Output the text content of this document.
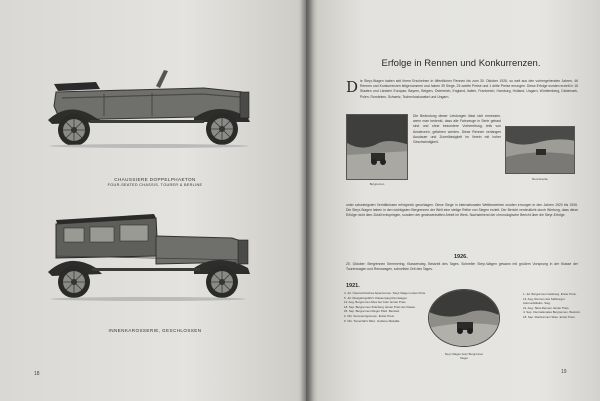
CHAUSSIERE DOPPELPHAETON
FOUR-SEATED CHASSIS, TOURER & BERLINE
INNENKAROSSERIE, GESCHLOSSEN
18
Erfolge in Rennen und Konkurrenzen.
D ie Steyr-Wagen haben seit ihrem Erscheinen in öffentlichen Rennen bis zum 30. Oktober 1926, so weit aus den vorhergehenden Jahren, 46 Rennen und Konkurrenzen teilgenommen und haben 39 Siege, 25 zweite Preise und 1 dritte Preise errungen. Diese Erfolge wurden erzielt in 16 Staaten und Ländern Europas: Bayern, Belgien, Österreich, England, Italien, Frankreich, Hamburg, Holland, Ungarn, Württemberg, Dänemark, Polen, Rumänien, Schweiz, Tschechoslowakei und Ungarn.
Bergrennen
Die Bedeutung dieser Leistungen lässt sich ermessen, wenn man bedenkt, dass alle Fahrzeuge in Serie gebaut sind und ohne besondere Vorbereitung, teils von Amateuren, gefahren werden. Diese Rennen verlangen Ausdauer und Zuverlässigkeit im Verein mit hoher Geschwindigkeit.
Rennstrecke
unter schwierigsten Verhältnissen erfolgreich geschlagen. Diese Siege in internationalen Wettbewerben wurden errungen in den Jahren 1920 bis 1926. Die Steyr-Wagen haben in den wichtigsten Bergrennen der Welt eine stetige Reihe von Siegen erzielt. Der Bericht verdeutlicht durch Wertung, dass diese Erfolge nicht dem Zufall entspringen, sondern der gewissenhaften Arbeit im Werk. Nachstehend der chronologische Bericht über die Steyr-Erfolge.
1926.
20. Oktober: Bergrennen Semmering. Klassensieg. Bestzeit des Tages. Schneller Steyr-Wagen gewann mit großem Vorsprung in der Klasse der Tourenwagen und Rennwagen, schnellste Zeit des Tages.
1921.
4. Jul. Österreichisches Alpenrennen. Steyr-Wagen erster Preis.
5. Jul. Riesgebirgsfahrt. Klassensieg Rennwagen.
12. Aug. Bergrennen Ries bei Graz. Erster Preis.
18. Sep. Bergrennen Zirlerberg. Erster Preis der Klasse.
25. Sep. Bergrennen Rieger Platz. Bestzeit.
2. Okt. Semmeringrennen. Erster Preis.
9. Okt. Tourenfahrt Wien. Goldene Medaille.
Steyr-Wagen beim Bergrennen
Sieger
1. Jul. Bergrennen Gaisberg. Erster Preis.
13. Aug. Rennen des Salzburger Automobilklubs. Sieg.
21. Aug. Tatra-Rennen. Erster Preis.
4. Sep. Internationales Bergrennen. Bestzeit.
18. Sep. Flachrennen Wien. Erster Preis.
19
